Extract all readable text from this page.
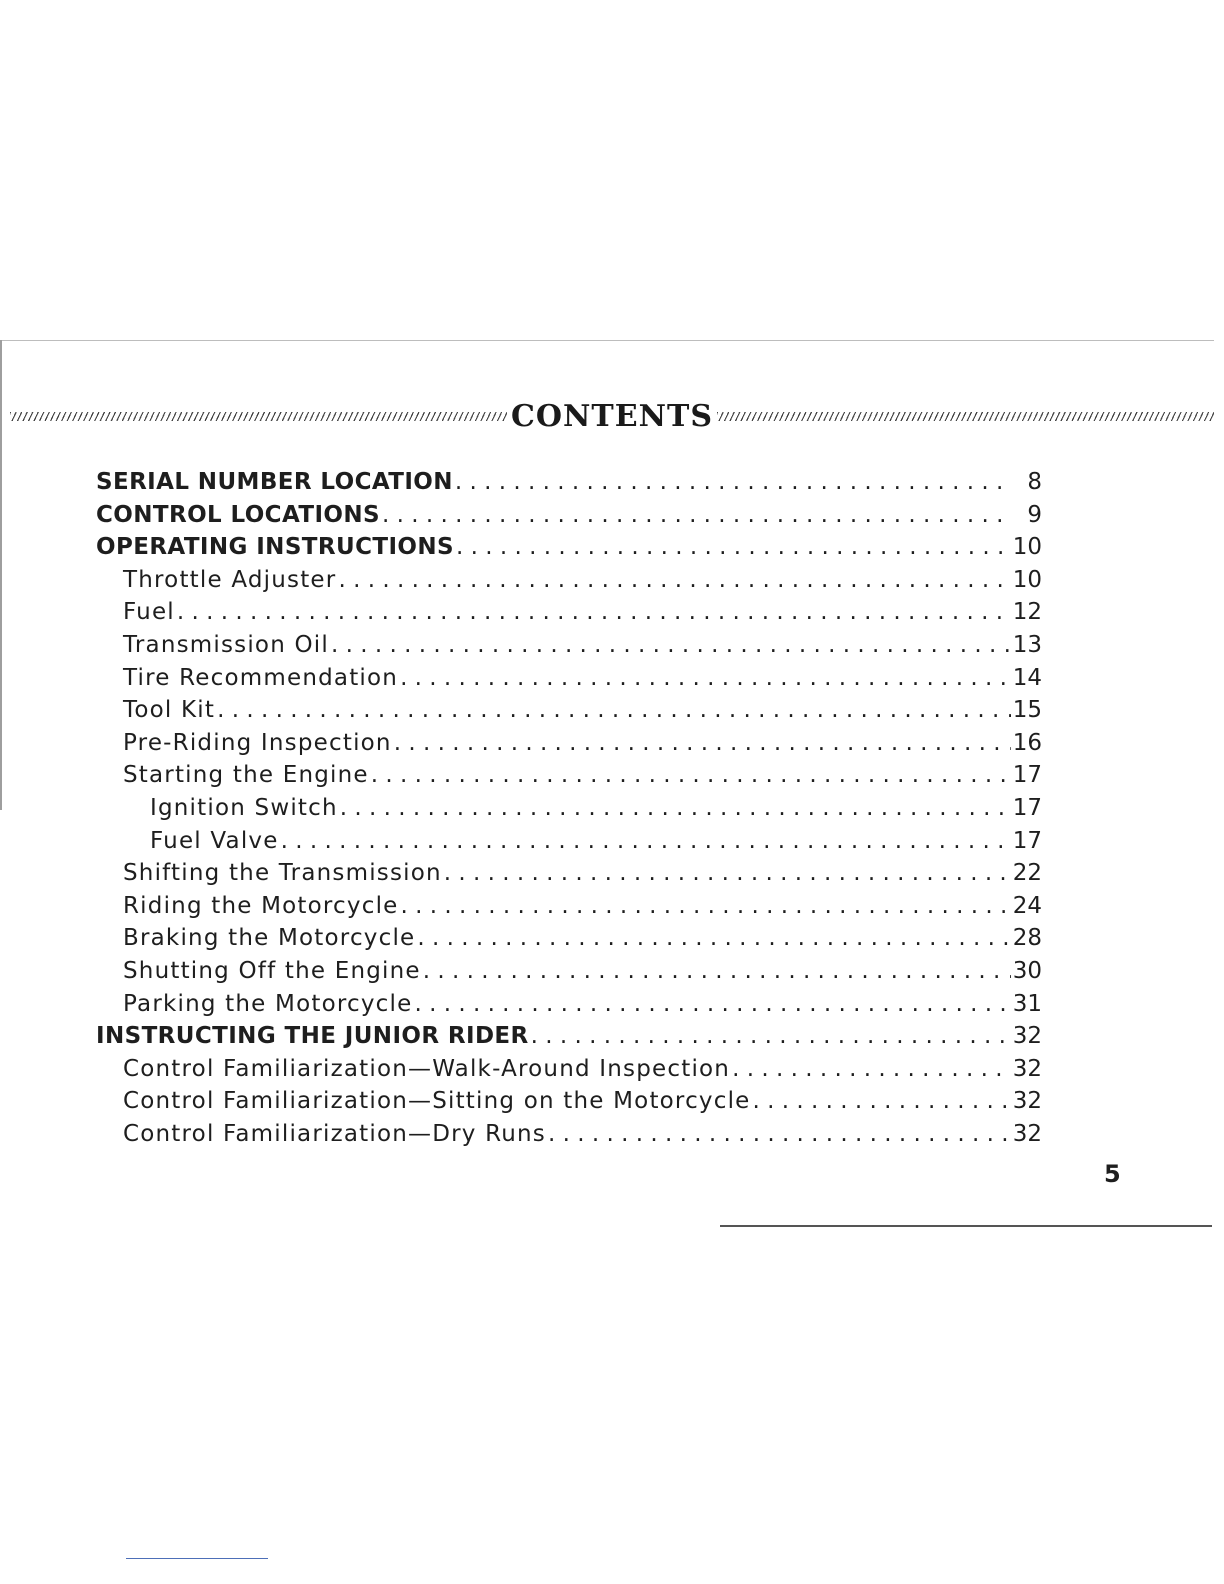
CONTENTS
SERIAL NUMBER LOCATION . . .	8
CONTROL LOCATIONS . . .	9
OPERATING INSTRUCTIONS . . .	10
Throttle Adjuster . . .	10
Fuel . . .	12
Transmission Oil . . .	13
Tire Recommendation . . .	14
Tool Kit . . .	15
Pre-Riding Inspection . . .	16
Starting the Engine . . .	17
Ignition Switch . . .	17
Fuel Valve . . .	17
Shifting the Transmission . . .	22
Riding the Motorcycle . . .	24
Braking the Motorcycle . . .	28
Shutting Off the Engine . . .	30
Parking the Motorcycle . . .	31
INSTRUCTING THE JUNIOR RIDER . . .	32
Control Familiarization—Walk-Around Inspection . . .	32
Control Familiarization—Sitting on the Motorcycle . . .	32
Control Familiarization—Dry Runs . . .	32
5
